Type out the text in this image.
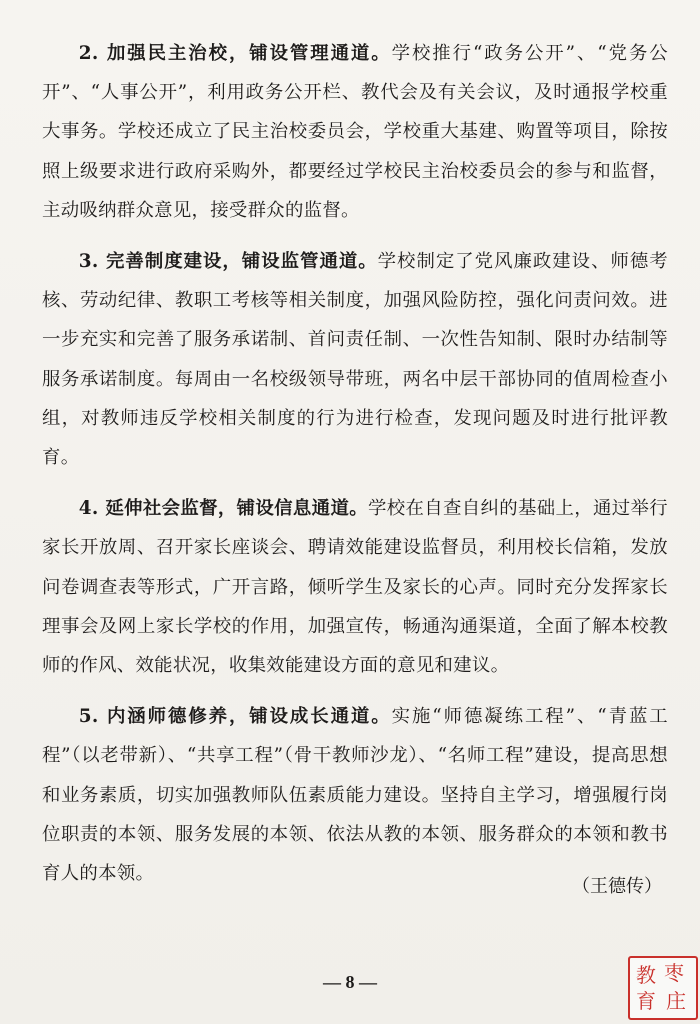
2. 加强民主治校，铺设管理通道。学校推行“政务公开”、“党务公开”、“人事公开”，利用政务公开栏、教代会及有关会议，及时通报学校重大事务。学校还成立了民主治校委员会，学校重大基建、购置等项目，除按照上级要求进行政府采购外，都要经过学校民主治校委员会的参与和监督，主动吸纳群众意见，接受群众的监督。

3. 完善制度建设，铺设监管通道。学校制定了党风廉政建设、师德考核、劳动纪律、教职工考核等相关制度，加强风险防控，强化问责问效。进一步充实和完善了服务承诺制、首问责任制、一次性告知制、限时办结制等服务承诺制度。每周由一名校级领导带班，两名中层干部协同的值周检查小组，对教师违反学校相关制度的行为进行检查，发现问题及时进行批评教育。

4. 延伸社会监督，铺设信息通道。学校在自查自纠的基础上，通过举行家长开放周、召开家长座谈会、聘请效能建设监督员，利用校长信箱，发放问卷调查表等形式，广开言路，倾听学生及家长的心声。同时充分发挥家长理事会及网上家长学校的作用，加强宣传，畅通沟通渠道，全面了解本校教师的作风、效能状况，收集效能建设方面的意见和建议。

5. 内涵师德修养，铺设成长通道。实施“师德凝练工程”、“青蓝工程”（以老带新）、“共享工程”（骨干教师沙龙）、“名师工程”建设，提高思想和业务素质，切实加强教师队伍素质能力建设。坚持自主学习，增强履行岗位职责的本领、服务发展的本领、依法从教的本领、服务群众的本领和教书育人的本领。

（王德传）
— 8 —	教 枣
育 庄
